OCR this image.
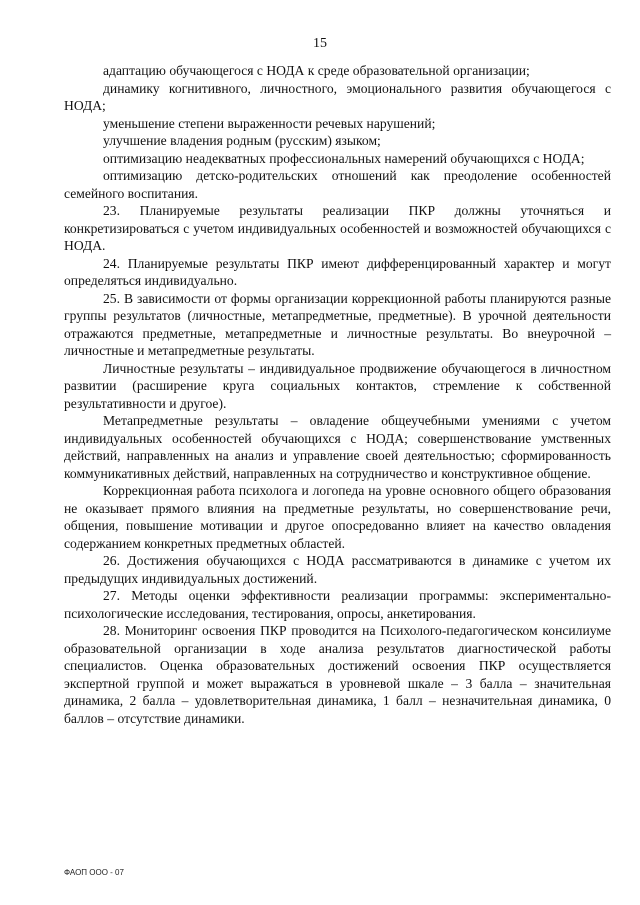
15

адаптацию обучающегося с НОДА к среде образовательной организации;

динамику когнитивного, личностного, эмоционального развития обучающегося с НОДА;

уменьшение степени выраженности речевых нарушений;

улучшение владения родным (русским) языком;

оптимизацию неадекватных профессиональных намерений обучающихся с НОДА;

оптимизацию детско-родительских отношений как преодоление особенностей семейного воспитания.

23. Планируемые результаты реализации ПКР должны уточняться и конкретизироваться с учетом индивидуальных особенностей и возможностей обучающихся с НОДА.

24. Планируемые результаты ПКР имеют дифференцированный характер и могут определяться индивидуально.

25. В зависимости от формы организации коррекционной работы планируются разные группы результатов (личностные, метапредметные, предметные). В урочной деятельности отражаются предметные, метапредметные и личностные результаты. Во внеурочной – личностные и метапредметные результаты.

Личностные результаты – индивидуальное продвижение обучающегося в личностном развитии (расширение круга социальных контактов, стремление к собственной результативности и другое).

Метапредметные результаты – овладение общеучебными умениями с учетом индивидуальных особенностей обучающихся с НОДА; совершенствование умственных действий, направленных на анализ и управление своей деятельностью; сформированность коммуникативных действий, направленных на сотрудничество и конструктивное общение.

Коррекционная работа психолога и логопеда на уровне основного общего образования не оказывает прямого влияния на предметные результаты, но совершенствование речи, общения, повышение мотивации и другое опосредованно влияет на качество овладения содержанием конкретных предметных областей.

26. Достижения обучающихся с НОДА рассматриваются в динамике с учетом их предыдущих индивидуальных достижений.

27. Методы оценки эффективности реализации программы: экспериментально-психологические исследования, тестирования, опросы, анкетирования.

28. Мониторинг освоения ПКР проводится на Психолого-педагогическом консилиуме образовательной организации в ходе анализа результатов диагностической работы специалистов. Оценка образовательных достижений освоения ПКР осуществляется экспертной группой и может выражаться в уровневой шкале – 3 балла – значительная динамика, 2 балла – удовлетворительная динамика, 1 балл – незначительная динамика, 0 баллов – отсутствие динамики.

ФАОП ООО - 07
